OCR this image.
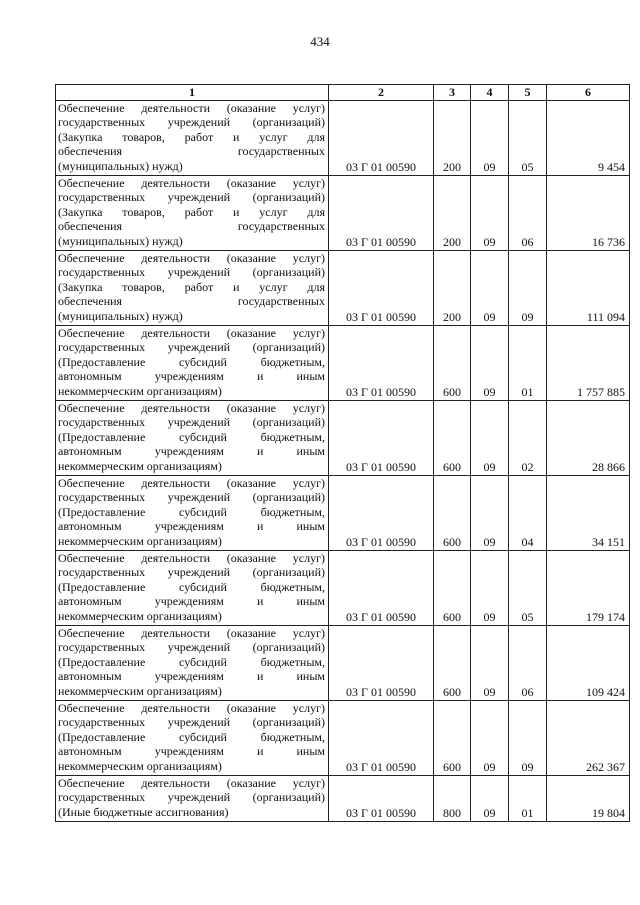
434
1	2	3	4	5	6

Обеспечение деятельности (оказание услуг)
государственных учреждений (организаций)
(Закупка товаров, работ и услуг для
обеспечения государственных
(муниципальных) нужд)	03 Г 01 00590	200	09	05	9 454

Обеспечение деятельности (оказание услуг)
государственных учреждений (организаций)
(Закупка товаров, работ и услуг для
обеспечения государственных
(муниципальных) нужд)	03 Г 01 00590	200	09	06	16 736

Обеспечение деятельности (оказание услуг)
государственных учреждений (организаций)
(Закупка товаров, работ и услуг для
обеспечения государственных
(муниципальных) нужд)	03 Г 01 00590	200	09	09	111 094

Обеспечение деятельности (оказание услуг)
государственных учреждений (организаций)
(Предоставление субсидий бюджетным,
автономным учреждениям и иным
некоммерческим организациям)	03 Г 01 00590	600	09	01	1 757 885

Обеспечение деятельности (оказание услуг)
государственных учреждений (организаций)
(Предоставление субсидий бюджетным,
автономным учреждениям и иным
некоммерческим организациям)	03 Г 01 00590	600	09	02	28 866

Обеспечение деятельности (оказание услуг)
государственных учреждений (организаций)
(Предоставление субсидий бюджетным,
автономным учреждениям и иным
некоммерческим организациям)	03 Г 01 00590	600	09	04	34 151

Обеспечение деятельности (оказание услуг)
государственных учреждений (организаций)
(Предоставление субсидий бюджетным,
автономным учреждениям и иным
некоммерческим организациям)	03 Г 01 00590	600	09	05	179 174

Обеспечение деятельности (оказание услуг)
государственных учреждений (организаций)
(Предоставление субсидий бюджетным,
автономным учреждениям и иным
некоммерческим организациям)	03 Г 01 00590	600	09	06	109 424

Обеспечение деятельности (оказание услуг)
государственных учреждений (организаций)
(Предоставление субсидий бюджетным,
автономным учреждениям и иным
некоммерческим организациям)	03 Г 01 00590	600	09	09	262 367

Обеспечение деятельности (оказание услуг)
государственных учреждений (организаций)
(Иные бюджетные ассигнования)	03 Г 01 00590	800	09	01	19 804
